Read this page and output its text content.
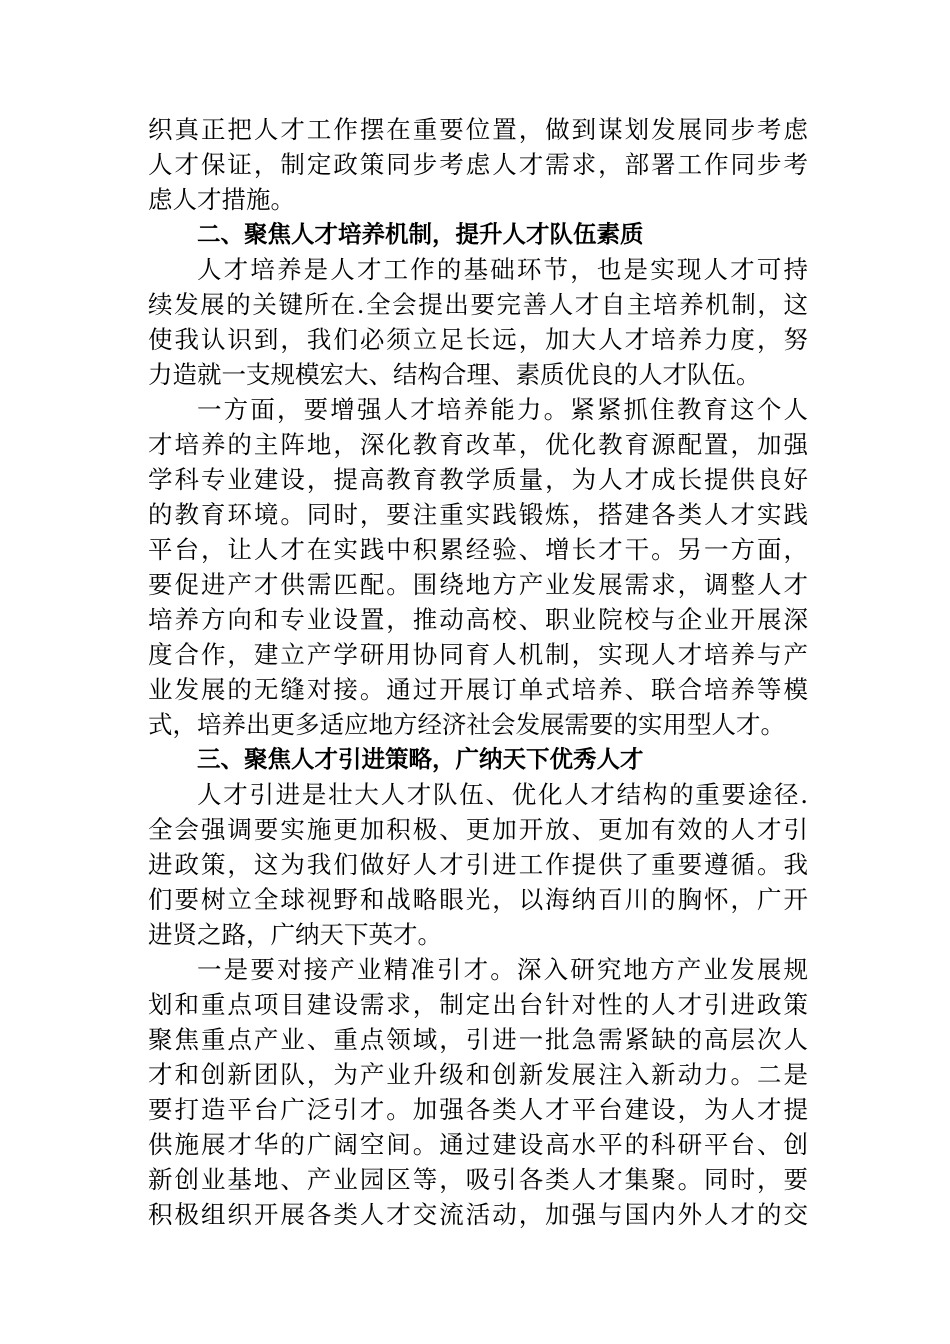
织真正把人才工作摆在重要位置，做到谋划发展同步考虑
人才保证，制定政策同步考虑人才需求，部署工作同步考
虑人才措施。
二、聚焦人才培养机制，提升人才队伍素质
人才培养是人才工作的基础环节，也是实现人才可持
续发展的关键所在.全会提出要完善人才自主培养机制，这
使我认识到，我们必须立足长远，加大人才培养力度，努
力造就一支规模宏大、结构合理、素质优良的人才队伍。
一方面，要增强人才培养能力。紧紧抓住教育这个人
才培养的主阵地，深化教育改革，优化教育源配置，加强
学科专业建设，提高教育教学质量，为人才成长提供良好
的教育环境。同时，要注重实践锻炼，搭建各类人才实践
平台，让人才在实践中积累经验、增长才干。另一方面，
要促进产才供需匹配。围绕地方产业发展需求，调整人才
培养方向和专业设置，推动高校、职业院校与企业开展深
度合作，建立产学研用协同育人机制，实现人才培养与产
业发展的无缝对接。通过开展订单式培养、联合培养等模
式，培养出更多适应地方经济社会发展需要的实用型人才。
三、聚焦人才引进策略，广纳天下优秀人才
人才引进是壮大人才队伍、优化人才结构的重要途径.
全会强调要实施更加积极、更加开放、更加有效的人才引
进政策，这为我们做好人才引进工作提供了重要遵循。我
们要树立全球视野和战略眼光，以海纳百川的胸怀，广开
进贤之路，广纳天下英才。
一是要对接产业精准引才。深入研究地方产业发展规
划和重点项目建设需求，制定出台针对性的人才引进政策
聚焦重点产业、重点领域，引进一批急需紧缺的高层次人
才和创新团队，为产业升级和创新发展注入新动力。二是
要打造平台广泛引才。加强各类人才平台建设，为人才提
供施展才华的广阔空间。通过建设高水平的科研平台、创
新创业基地、产业园区等，吸引各类人才集聚。同时，要
积极组织开展各类人才交流活动，加强与国内外人才的交
